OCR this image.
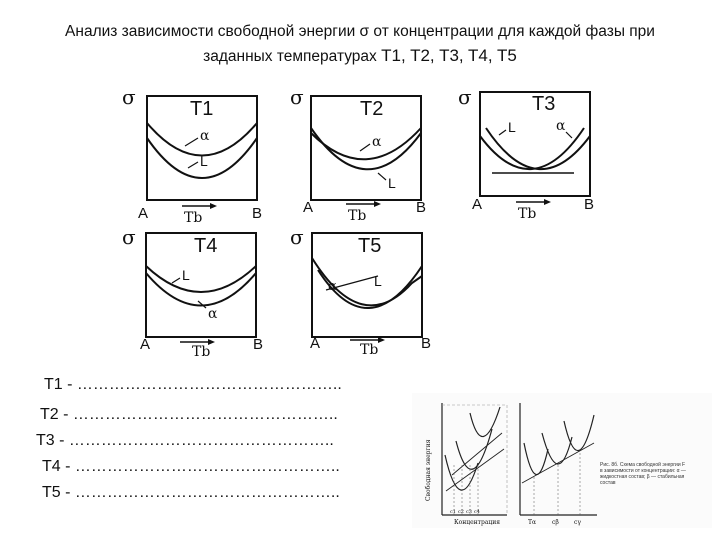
Анализ зависимости свободной энергии σ от концентрации для каждой фазы при
заданных температурах T1, T2, T3, T4, T5
σ	T1
α
L
A	B
Tb
σ	T2
α
L
A	B
Tb
σ	T3
L	α
A	B
Tb
σ	T4
L
α
A	B
Tb
σ	T5
α	L
A	B
Tb
T1 - …………………………………………..
T2 - …………………………………………..
T3 - …………………………………………..
T4 - …………………………………………..
T5 - …………………………………………..	Свободная энергия
Концентрация
c1 c2 c3 c4
Tα	cβ	cγ
Рис. 8б. Схема свободной энергии F в зависимости от концентрации: α — жидкостная состав; β — стабильная состав
